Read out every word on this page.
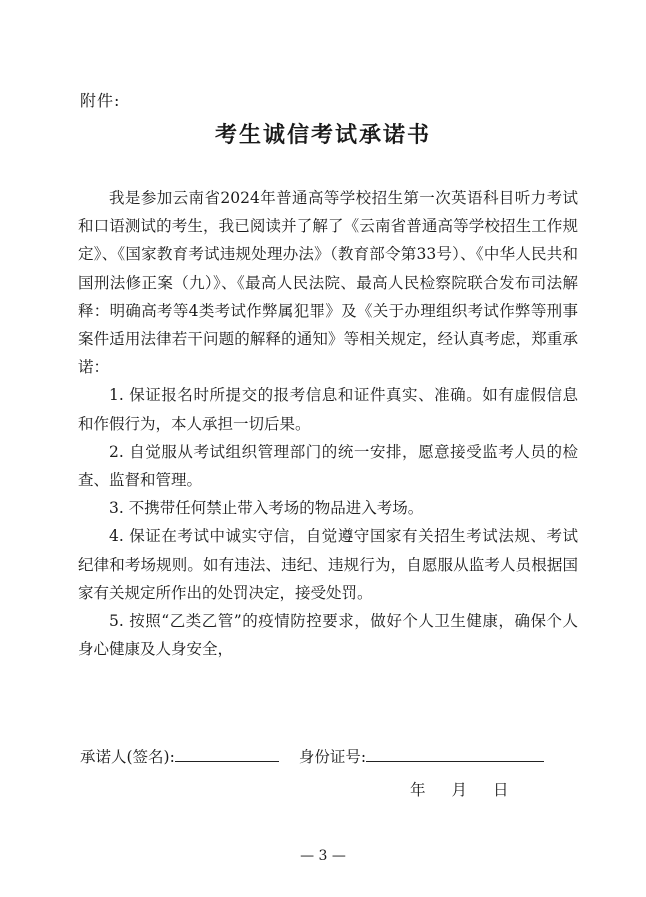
附件:
考生诚信考试承诺书

我是参加云南省2024年普通高等学校招生第一次英语科目听力考试和口语测试的考生，我已阅读并了解了《云南省普通高等学校招生工作规定》、《国家教育考试违规处理办法》（教育部令第33号）、《中华人民共和国刑法修正案（九）》、《最高人民法院、最高人民检察院联合发布司法解释：明确高考等4类考试作弊属犯罪》及《关于办理组织考试作弊等刑事案件适用法律若干问题的解释的通知》等相关规定，经认真考虑，郑重承诺：

1. 保证报名时所提交的报考信息和证件真实、准确。如有虚假信息和作假行为，本人承担一切后果。

2. 自觉服从考试组织管理部门的统一安排，愿意接受监考人员的检查、监督和管理。

3. 不携带任何禁止带入考场的物品进入考场。

4. 保证在考试中诚实守信，自觉遵守国家有关招生考试法规、考试纪律和考场规则。如有违法、违纪、违规行为，自愿服从监考人员根据国家有关规定所作出的处罚决定，接受处罚。

5. 按照“乙类乙管”的疫情防控要求，做好个人卫生健康，确保个人身心健康及人身安全，

承诺人(签名):	身份证号:
年 月 日
— 3 —
